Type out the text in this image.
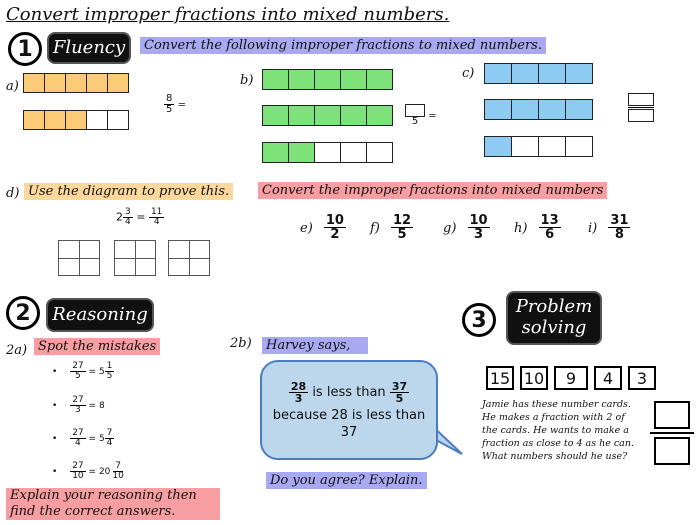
Convert improper fractions into mixed numbers.
1	Fluency	Convert the following improper fractions to mixed numbers.
a)
$\frac{8}{5}$ =
b)
5 =
c)
d) Use the diagram to prove this.
$2 \frac{3}{4} = \frac{11}{4}$
Convert the improper fractions into mixed numbers
$e) \frac{10}{2} f) \frac{12}{5} g) \frac{10}{3} h) \frac{13}{6} i) \frac{31}{8}$
2	Reasoning
2a) Spot the mistakes
• $\frac{27}{5} = 5 \frac{1}{5}$
• $\frac{27}{3} = 8$
• $\frac{27}{4} = 5 \frac{7}{4}$
• $\frac{27}{10} = 20 \frac{7}{10}$
Explain your reasoning then
find the correct answers.
2b)	Harvey says,
$\frac{28}{3}$ is less than $\frac{37}{5}$
because 28 is less than
37
Do you agree? Explain.
3
Problem
solving
15 10	9	4	3
Jamie has these number cards.
He makes a fraction with 2 of
the cards. He wants to make a
fraction as close to 4 as he can.
What numbers should he use?
